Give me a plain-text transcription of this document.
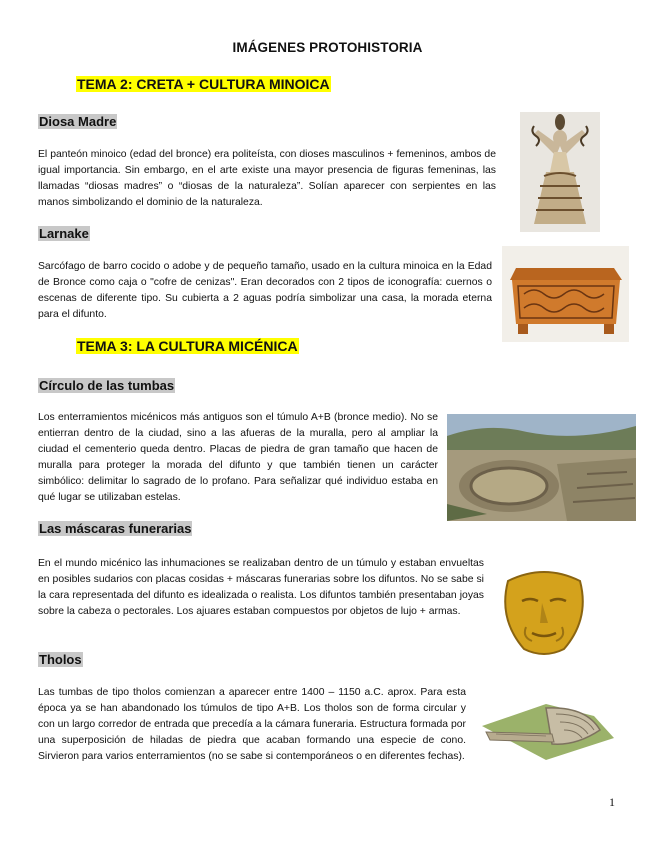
IMÁGENES PROTOHISTORIA
TEMA 2: CRETA + CULTURA MINOICA
Diosa Madre

El panteón minoico (edad del bronce) era politeísta, con dioses masculinos + femeninos, ambos de igual importancia. Sin embargo, en el arte existe una mayor presencia de figuras femeninas, las llamadas “diosas madres” o “diosas de la naturaleza”. Solían aparecer con serpientes en las manos simbolizando el dominio de la naturaleza.

Larnake

Sarcófago de barro cocido o adobe y de pequeño tamaño, usado en la cultura minoica en la Edad de Bronce como caja o "cofre de cenizas". Eran decorados con 2 tipos de iconografía: cuernos o escenas de diferente tipo. Su cubierta a 2 aguas podría simbolizar una casa, la morada eterna para el difunto.

TEMA 3: LA CULTURA MICÉNICA
Círculo de las tumbas

Los enterramientos micénicos más antiguos son el túmulo A+B (bronce medio). No se entierran dentro de la ciudad, sino a las afueras de la muralla, pero al ampliar la ciudad el cementerio queda dentro. Placas de piedra de gran tamaño que hacen de muralla para proteger la morada del difunto y que también tienen un carácter simbólico: delimitar lo sagrado de lo profano. Para señalizar qué individuo estaba en qué lugar se utilizaban estelas.

Las máscaras funerarias

En el mundo micénico las inhumaciones se realizaban dentro de un túmulo y estaban envueltas en posibles sudarios con placas cosidas + máscaras funerarias sobre los difuntos. No se sabe si la cara representada del difunto es idealizada o realista. Los difuntos también presentaban joyas sobre la cabeza o pectorales. Los ajuares estaban compuestos por objetos de lujo + armas.

Tholos

Las tumbas de tipo tholos comienzan a aparecer entre 1400 – 1150 a.C. aprox. Para esta época ya se han abandonado los túmulos de tipo A+B. Los tholos son de forma circular y con un largo corredor de entrada que precedía a la cámara funeraria. Estructura formada por una superposición de hiladas de piedra que acaban formando una especie de cono. Sirvieron para varios enterramientos (no se sabe si contemporáneos o en diferentes fechas).

1
